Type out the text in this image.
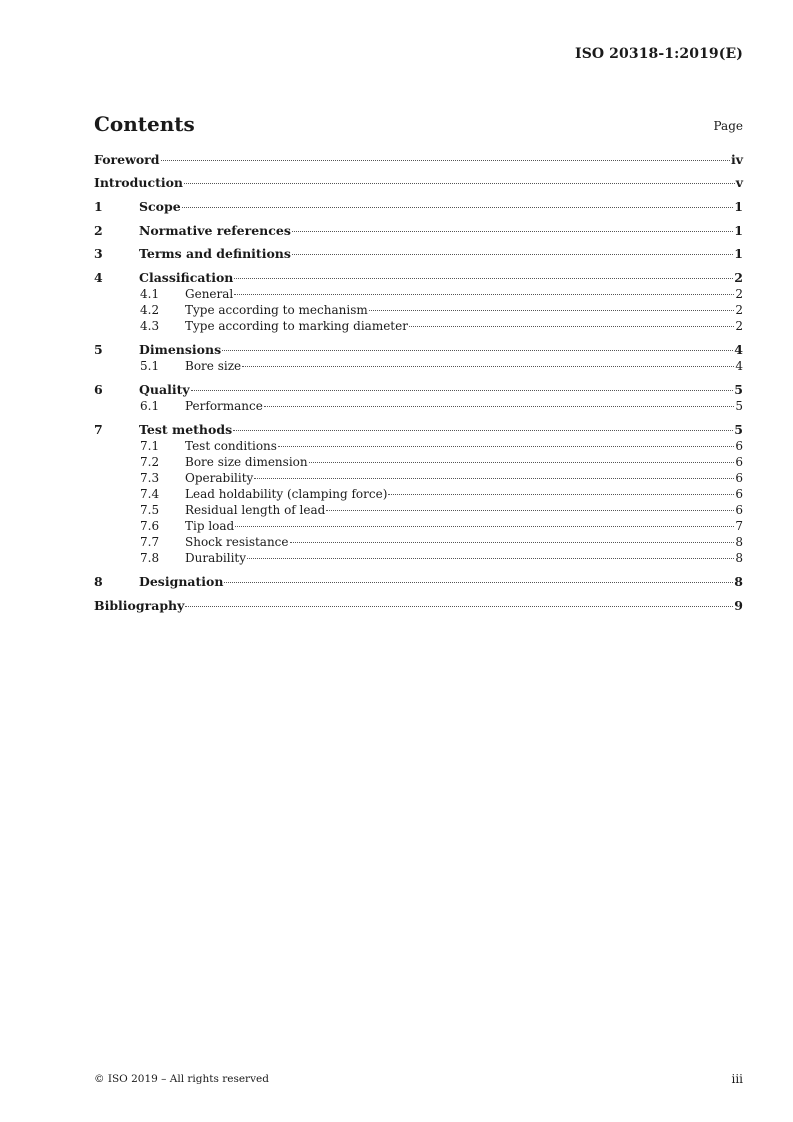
ISO 20318-1:2019(E)
Contents	Page
Foreword	iv
Introduction	v
1	Scope	1
2	Normative references	1
3	Terms and definitions	1
4	Classification	2
4.1	General	2
4.2	Type according to mechanism	2
4.3	Type according to marking diameter	2
5	Dimensions	4
5.1	Bore size	4
6	Quality	5
6.1	Performance	5
7	Test methods	5
7.1	Test conditions	6
7.2	Bore size dimension	6
7.3	Operability	6
7.4	Lead holdability (clamping force)	6
7.5	Residual length of lead	6
7.6	Tip load	7
7.7	Shock resistance	8
7.8	Durability	8
8	Designation	8
Bibliography	9
© ISO 2019 – All rights reserved	iii
